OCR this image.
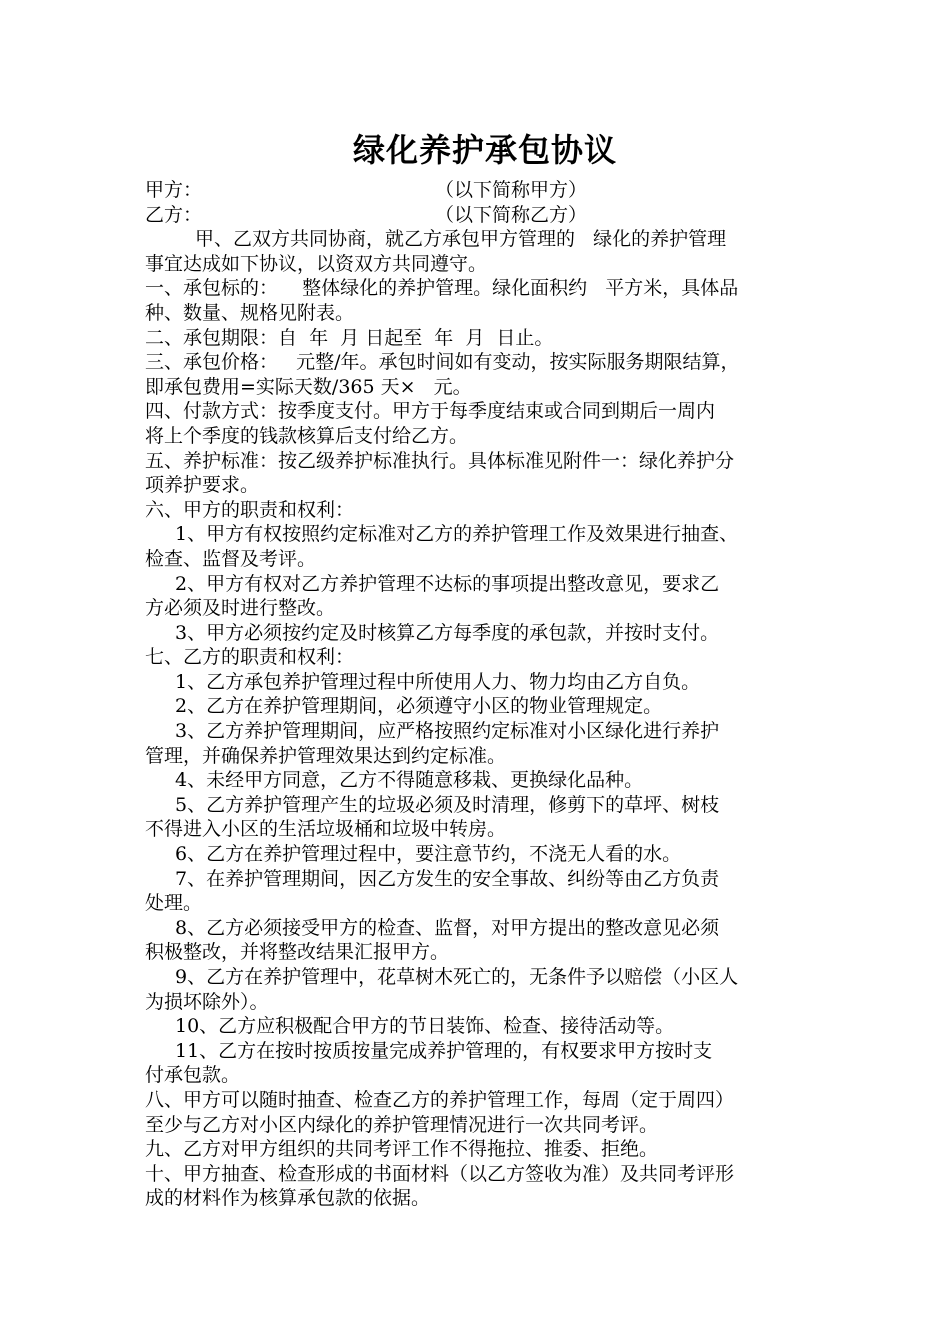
绿化养护承包协议
甲方：	（以下简称甲方）
乙方：	（以下简称乙方）

甲、乙双方共同协商，就乙方承包甲方管理的   绿化的养护管理

事宜达成如下协议，以资双方共同遵守。

一、承包标的：    整体绿化的养护管理。绿化面积约   平方米，具体品

种、数量、规格见附表。

二、承包期限：自  年  月 日起至  年  月  日止。

三、承包价格：   元整/年。承包时间如有变动，按实际服务期限结算，

即承包费用=实际天数/365 天×   元。

四、付款方式：按季度支付。甲方于每季度结束或合同到期后一周内

将上个季度的钱款核算后支付给乙方。

五、养护标准：按乙级养护标准执行。具体标准见附件一：绿化养护分

项养护要求。

六、甲方的职责和权利：

1、甲方有权按照约定标准对乙方的养护管理工作及效果进行抽查、

检查、监督及考评。

2、甲方有权对乙方养护管理不达标的事项提出整改意见，要求乙

方必须及时进行整改。

3、甲方必须按约定及时核算乙方每季度的承包款，并按时支付。

七、乙方的职责和权利：

1、乙方承包养护管理过程中所使用人力、物力均由乙方自负。

2、乙方在养护管理期间，必须遵守小区的物业管理规定。

3、乙方养护管理期间，应严格按照约定标准对小区绿化进行养护

管理，并确保养护管理效果达到约定标准。

4、未经甲方同意，乙方不得随意移栽、更换绿化品种。

5、乙方养护管理产生的垃圾必须及时清理，修剪下的草坪、树枝

不得进入小区的生活垃圾桶和垃圾中转房。

6、乙方在养护管理过程中，要注意节约，不浇无人看的水。

7、在养护管理期间，因乙方发生的安全事故、纠纷等由乙方负责

处理。

8、乙方必须接受甲方的检查、监督，对甲方提出的整改意见必须

积极整改，并将整改结果汇报甲方。

9、乙方在养护管理中，花草树木死亡的，无条件予以赔偿（小区人

为损坏除外）。

10、乙方应积极配合甲方的节日装饰、检查、接待活动等。

11、乙方在按时按质按量完成养护管理的，有权要求甲方按时支

付承包款。

八、甲方可以随时抽查、检查乙方的养护管理工作，每周（定于周四）

至少与乙方对小区内绿化的养护管理情况进行一次共同考评。

九、乙方对甲方组织的共同考评工作不得拖拉、推委、拒绝。

十、甲方抽查、检查形成的书面材料（以乙方签收为准）及共同考评形

成的材料作为核算承包款的依据。
